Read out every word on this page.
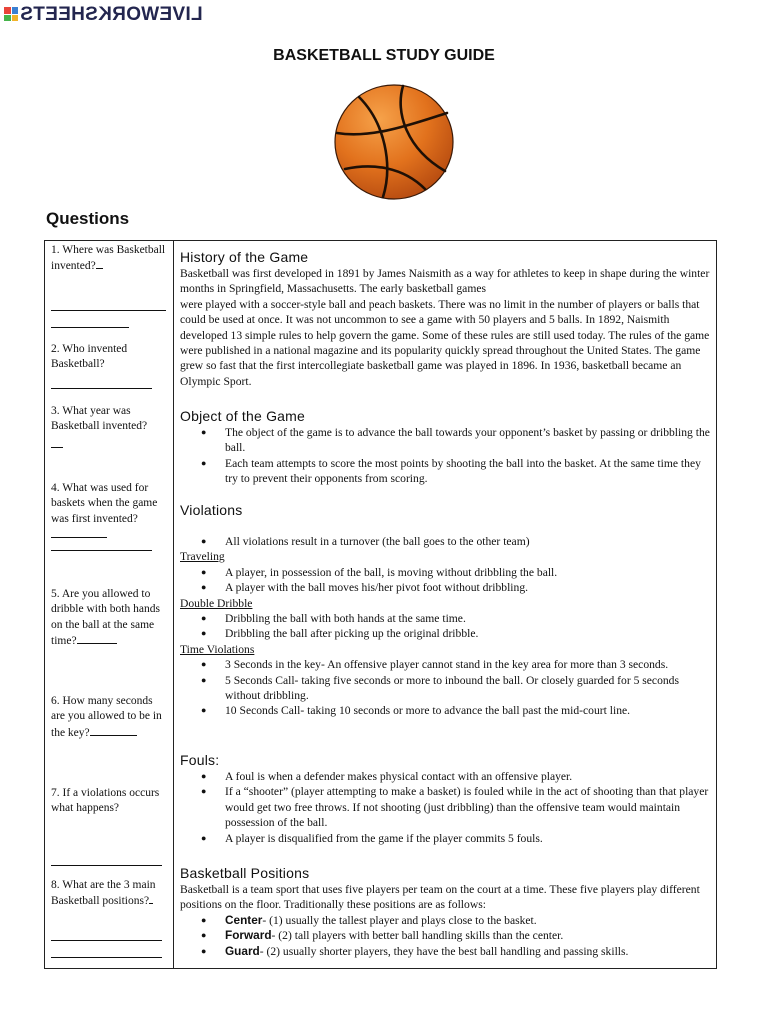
LIVEWORKSHEETS
BASKETBALL STUDY GUIDE
Questions
1. Where was Basketball invented?
2. Who invented Basketball?
3. What year was Basketball invented?
4. What was used for baskets when the game was first invented?
5. Are you allowed to dribble with both hands on the ball at the same time?
6. How many seconds are you allowed to be in the key?
7. If a violations occurs what happens?
8. What are the 3 main Basketball positions?
History of the Game

Basketball was first developed in 1891 by James Naismith as a way for athletes to keep in shape during the winter months in Springfield, Massachusetts. The early basketball games

were played with a soccer-style ball and peach baskets. There was no limit in the number of players or balls that could be used at once. It was not uncommon to see a game with 50 players and 5 balls. In 1892, Naismith developed 13 simple rules to help govern the game. Some of these rules are still used today. The rules of the game were published in a national magazine and its popularity quickly spread throughout the United States. The game grew so fast that the first intercollegiate basketball game was played in 1896. In 1936, basketball became an Olympic Sport.

Object of the Game
● The object of the game is to advance the ball towards your opponent’s basket by passing or dribbling the ball.
● Each team attempts to score the most points by shooting the ball into the basket. At the same time they try to prevent their opponents from scoring.
Violations
● All violations result in a turnover (the ball goes to the other team)

Traveling

● A player, in possession of the ball, is moving without dribbling the ball.
● A player with the ball moves his/her pivot foot without dribbling.

Double Dribble

● Dribbling the ball with both hands at the same time.
● Dribbling the ball after picking up the original dribble.

Time Violations

● 3 Seconds in the key- An offensive player cannot stand in the key area for more than 3 seconds.
● 5 Seconds Call- taking five seconds or more to inbound the ball. Or closely guarded for 5 seconds without dribbling.
● 10 Seconds Call- taking 10 seconds or more to advance the ball past the mid-court line.
Fouls:
● A foul is when a defender makes physical contact with an offensive player.
● If a “shooter” (player attempting to make a basket) is fouled while in the act of shooting than that player would get two free throws. If not shooting (just dribbling) than the offensive team would maintain possession of the ball.
● A player is disqualified from the game if the player commits 5 fouls.
Basketball Positions

Basketball is a team sport that uses five players per team on the court at a time. These five players play different positions on the floor. Traditionally these positions are as follows:

● Center- (1) usually the tallest player and plays close to the basket.
● Forward- (2) tall players with better ball handling skills than the center.
● Guard- (2) usually shorter players, they have the best ball handling and passing skills.
